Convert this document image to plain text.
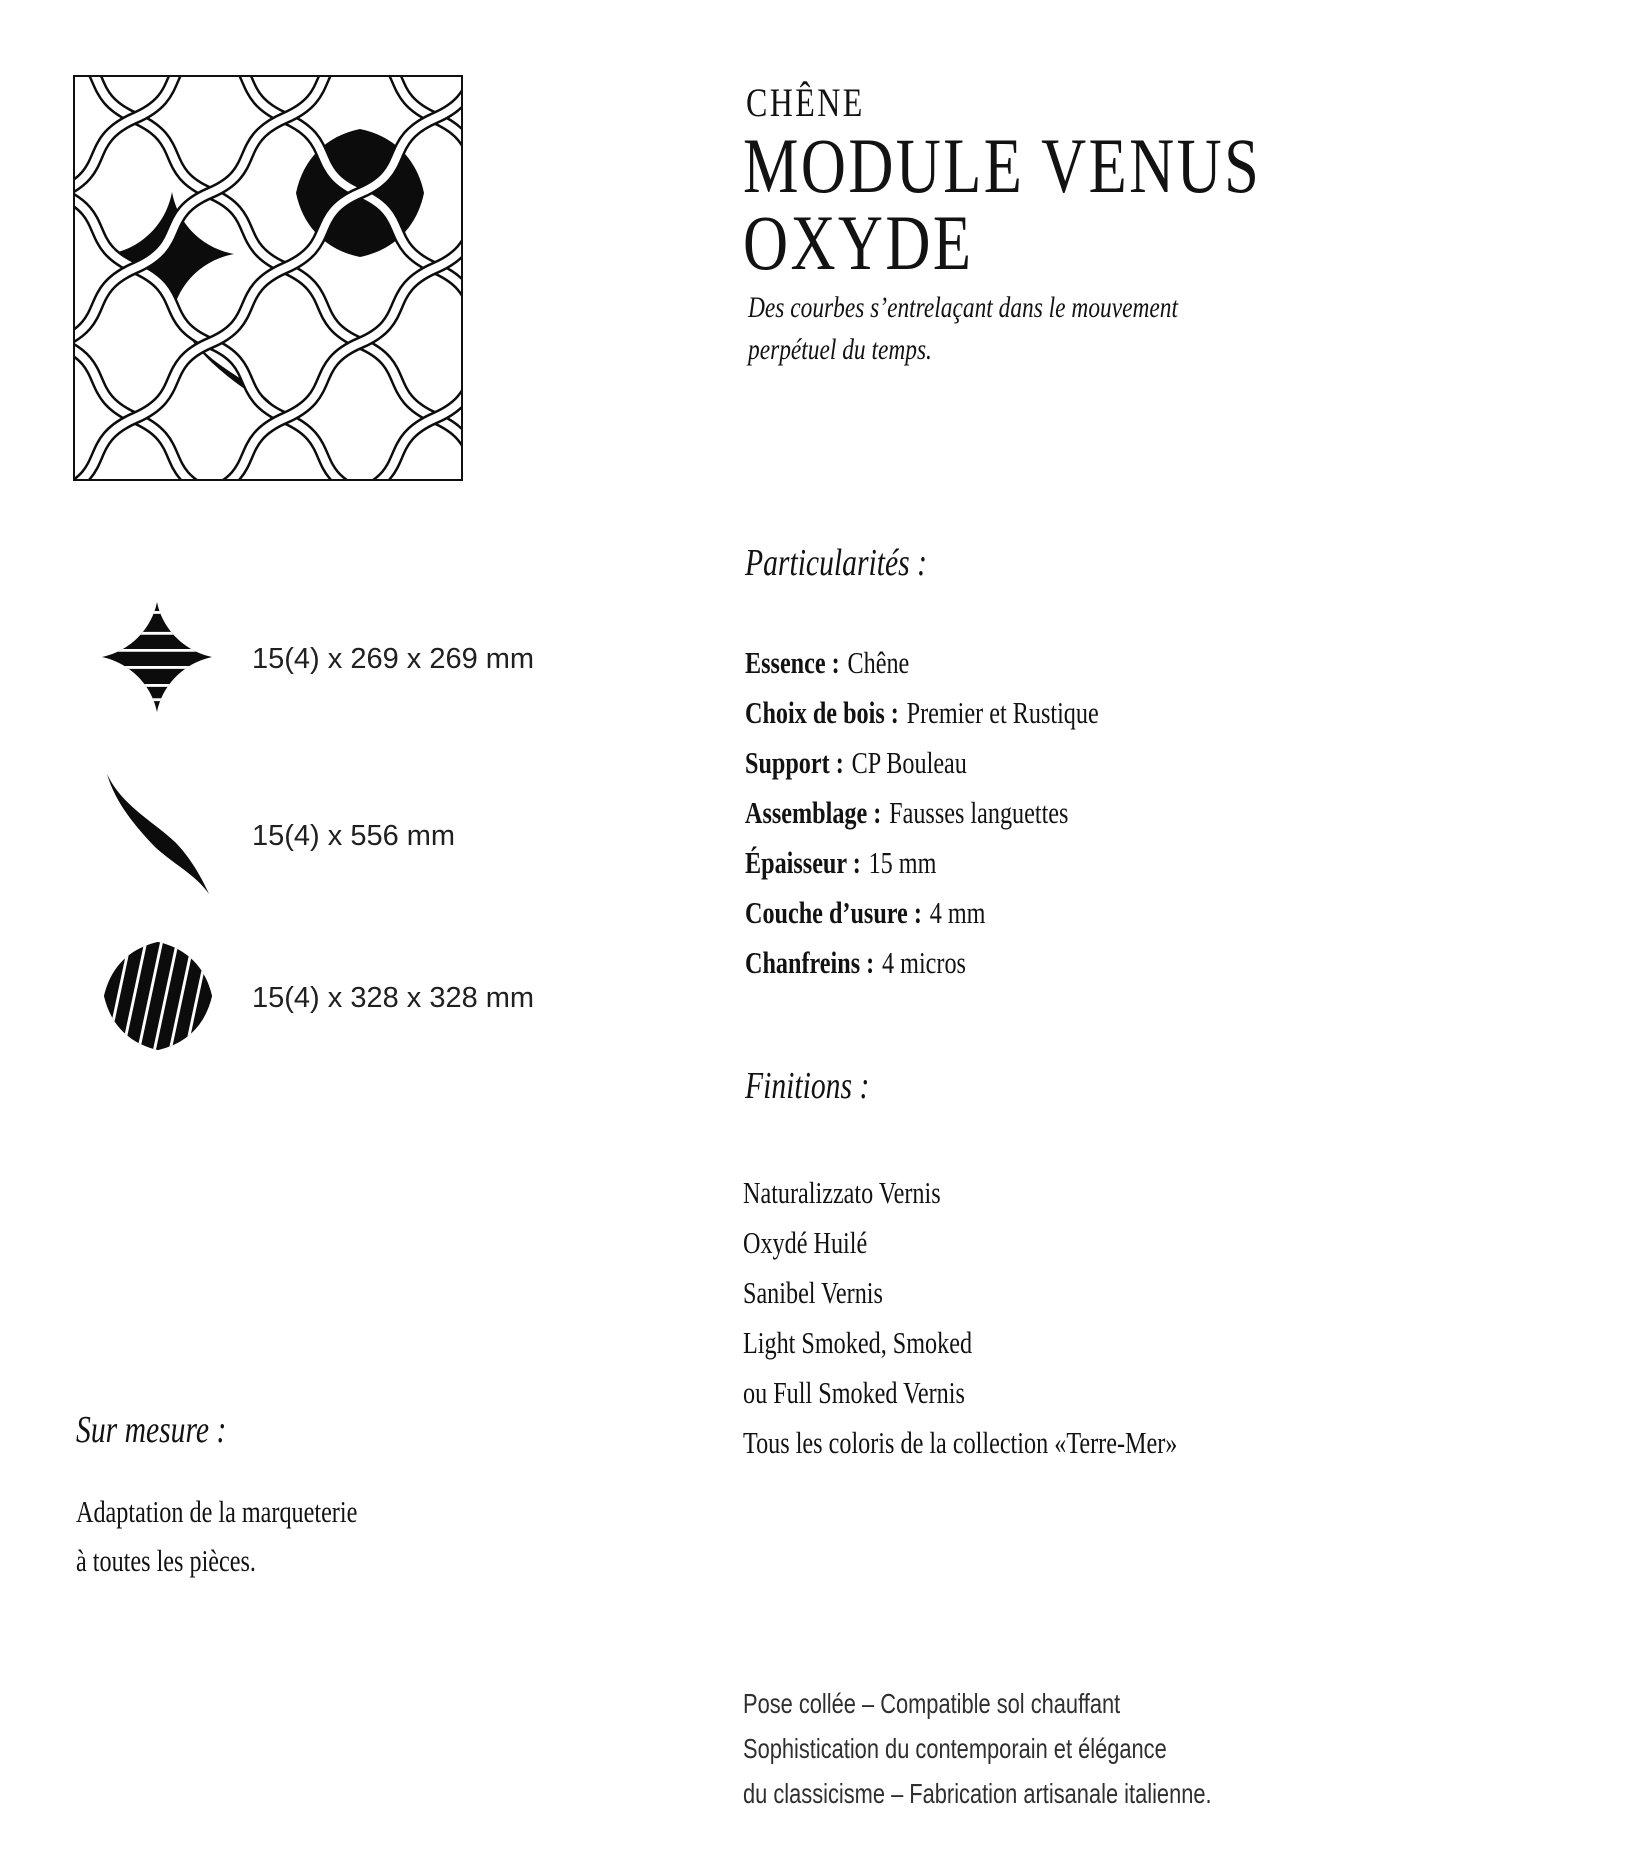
15(4) x 269 x 269 mm
15(4) x 556 mm
15(4) x 328 x 328 mm
CHÊNE
MODULE VENUS
OXYDE
Des courbes s’entrelaçant dans le mouvement
perpétuel du temps.
Particularités :
Essence : Chêne
Choix de bois : Premier et Rustique
Support : CP Bouleau
Assemblage : Fausses languettes
Épaisseur : 15 mm
Couche d’usure : 4 mm
Chanfreins : 4 micros
Finitions :
Naturalizzato Vernis
Oxydé Huilé
Sanibel Vernis
Light Smoked, Smoked
ou Full Smoked Vernis
Tous les coloris de la collection «Terre-Mer»
Sur mesure :
Adaptation de la marqueterie
à toutes les pièces.
Pose collée – Compatible sol chauffant
Sophistication du contemporain et élégance
du classicisme – Fabrication artisanale italienne.
